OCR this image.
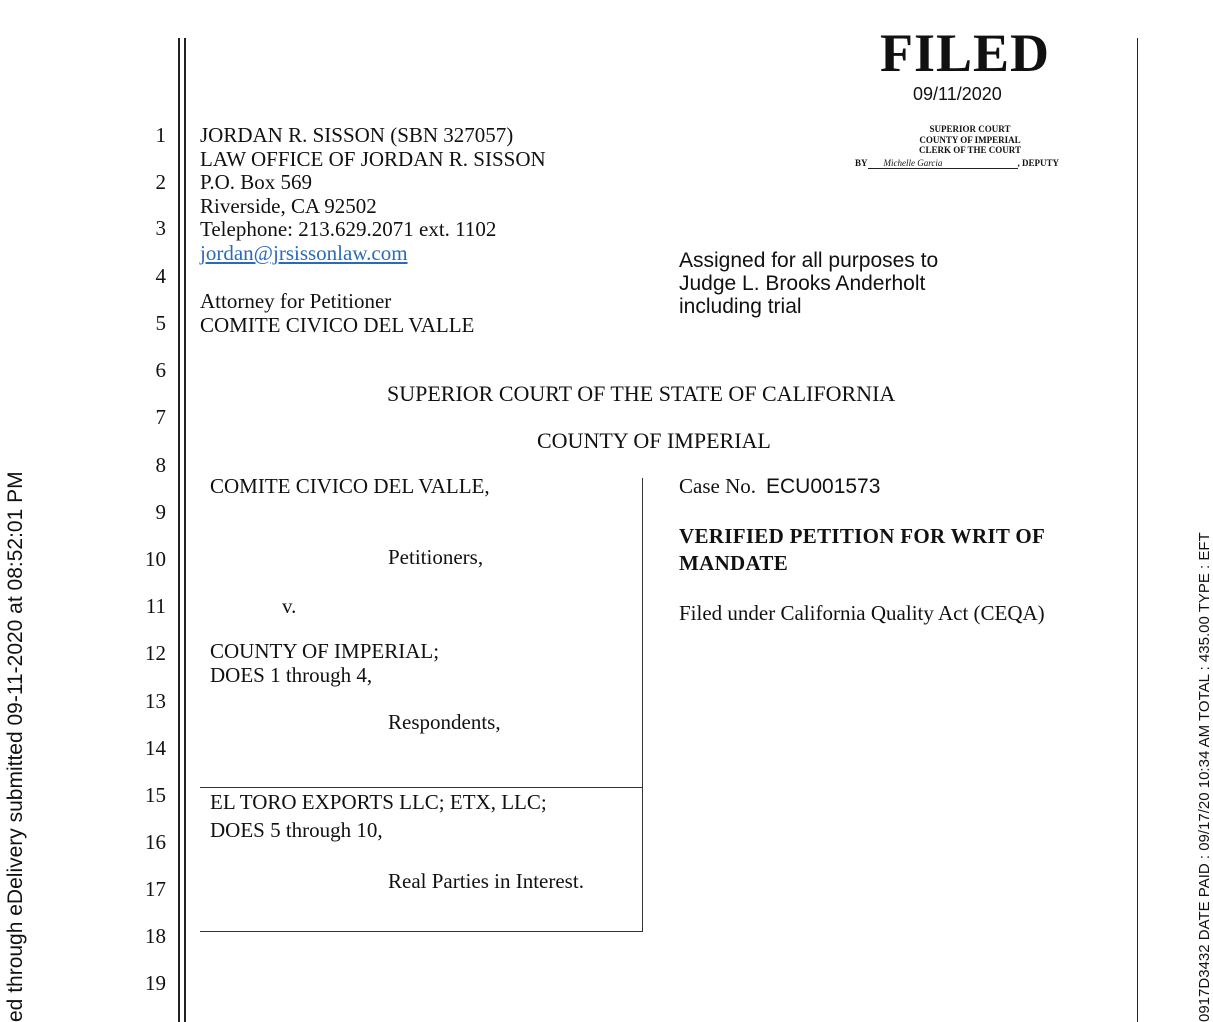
ed through eDelivery submitted 09-11-2020 at 08:52:01 PM	0917D3432 DATE PAID : 09/17/20 10:34 AM TOTAL : 435.00 TYPE : EFT
1
2
3
4
5
6
7
8
9
10
11
12
13
14
15
16
17
18
19
FILED
09/11/2020
SUPERIOR COURT
COUNTY OF IMPERIAL
CLERK OF THE COURT
BY Michelle Garcia	, DEPUTY
JORDAN R. SISSON (SBN 327057)
LAW OFFICE OF JORDAN R. SISSON
P.O. Box 569
Riverside, CA 92502
Telephone: 213.629.2071 ext. 1102
jordan@jrsissonlaw.com
Attorney for Petitioner
COMITE CIVICO DEL VALLE
Assigned for all purposes to
Judge L. Brooks Anderholt
including trial
SUPERIOR COURT OF THE STATE OF CALIFORNIA
COUNTY OF IMPERIAL
COMITE CIVICO DEL VALLE,
Petitioners,
v.
COUNTY OF IMPERIAL;
DOES 1 through 4,
Respondents,
EL TORO EXPORTS LLC; ETX, LLC;
DOES 5 through 10,
Real Parties in Interest.
Case No. ECU001573
VERIFIED PETITION FOR WRIT OF
MANDATE
Filed under California Quality Act (CEQA)
